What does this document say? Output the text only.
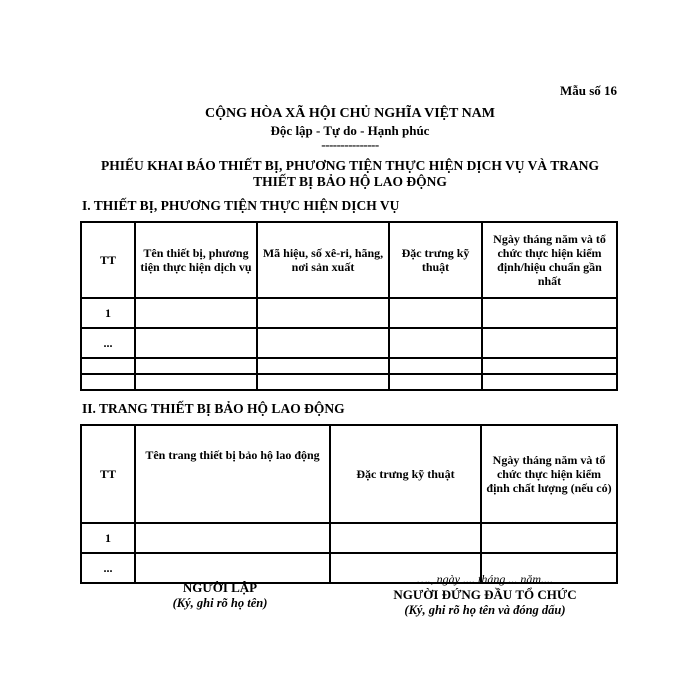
Mẫu số 16
CỘNG HÒA XÃ HỘI CHỦ NGHĨA VIỆT NAM
Độc lập - Tự do - Hạnh phúc
---------------
PHIẾU KHAI BÁO THIẾT BỊ, PHƯƠNG TIỆN THỰC HIỆN DỊCH VỤ VÀ TRANG
THIẾT BỊ BẢO HỘ LAO ĐỘNG
I. THIẾT BỊ, PHƯƠNG TIỆN THỰC HIỆN DỊCH VỤ
TT	Tên thiết bị, phương tiện thực hiện dịch vụ	Mã hiệu, số xê-ri, hãng, nơi sản xuất	Đặc trưng kỹ thuật	Ngày tháng năm và tổ chức thực hiện kiểm định/hiệu chuẩn gần nhất
1				
...				

II. TRANG THIẾT BỊ BẢO HỘ LAO ĐỘNG
TT	Tên trang thiết bị bảo hộ lao động	Đặc trưng kỹ thuật	Ngày tháng năm và tổ chức thực hiện kiểm định chất lượng (nếu có)
1			
...			
NGƯỜI LẬP
(Ký, ghi rõ họ tên)
…., ngày .... tháng ... năm....
NGƯỜI ĐỨNG ĐẦU TỔ CHỨC
(Ký, ghi rõ họ tên và đóng dấu)
